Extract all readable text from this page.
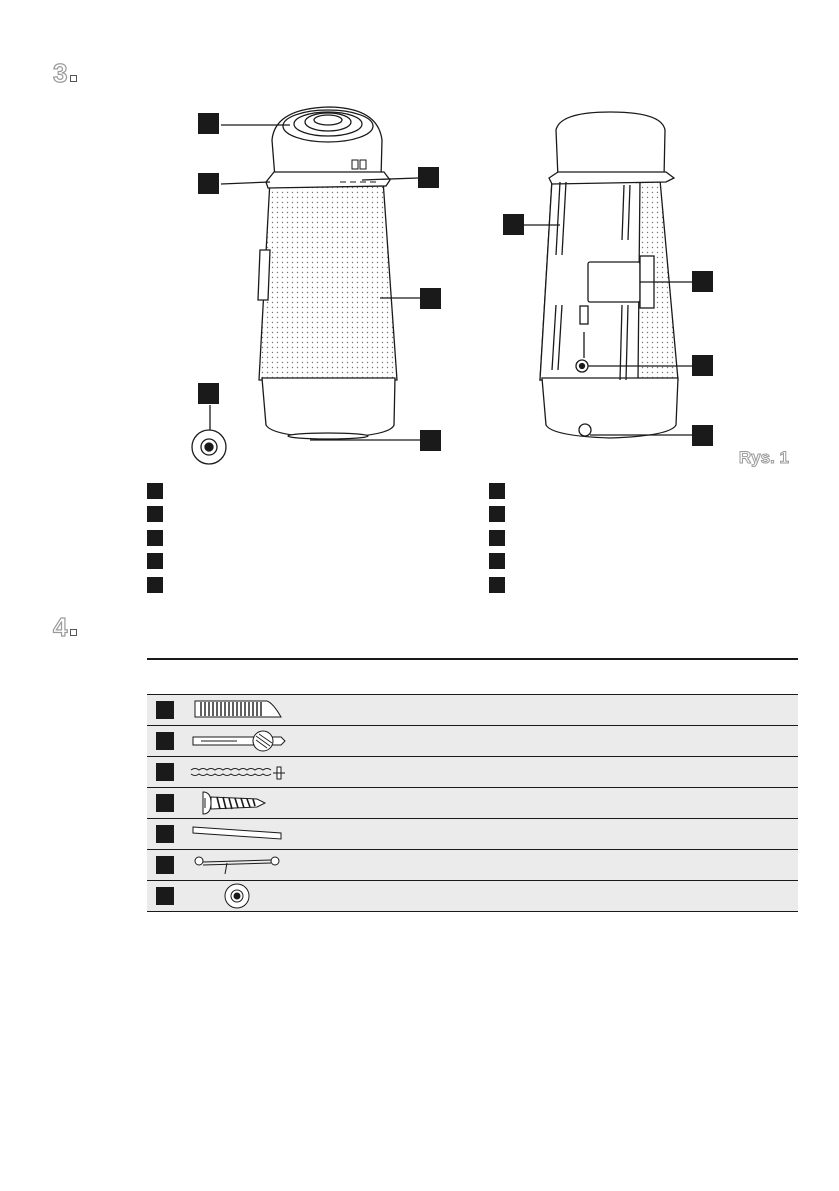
3
Rys. 1
4
